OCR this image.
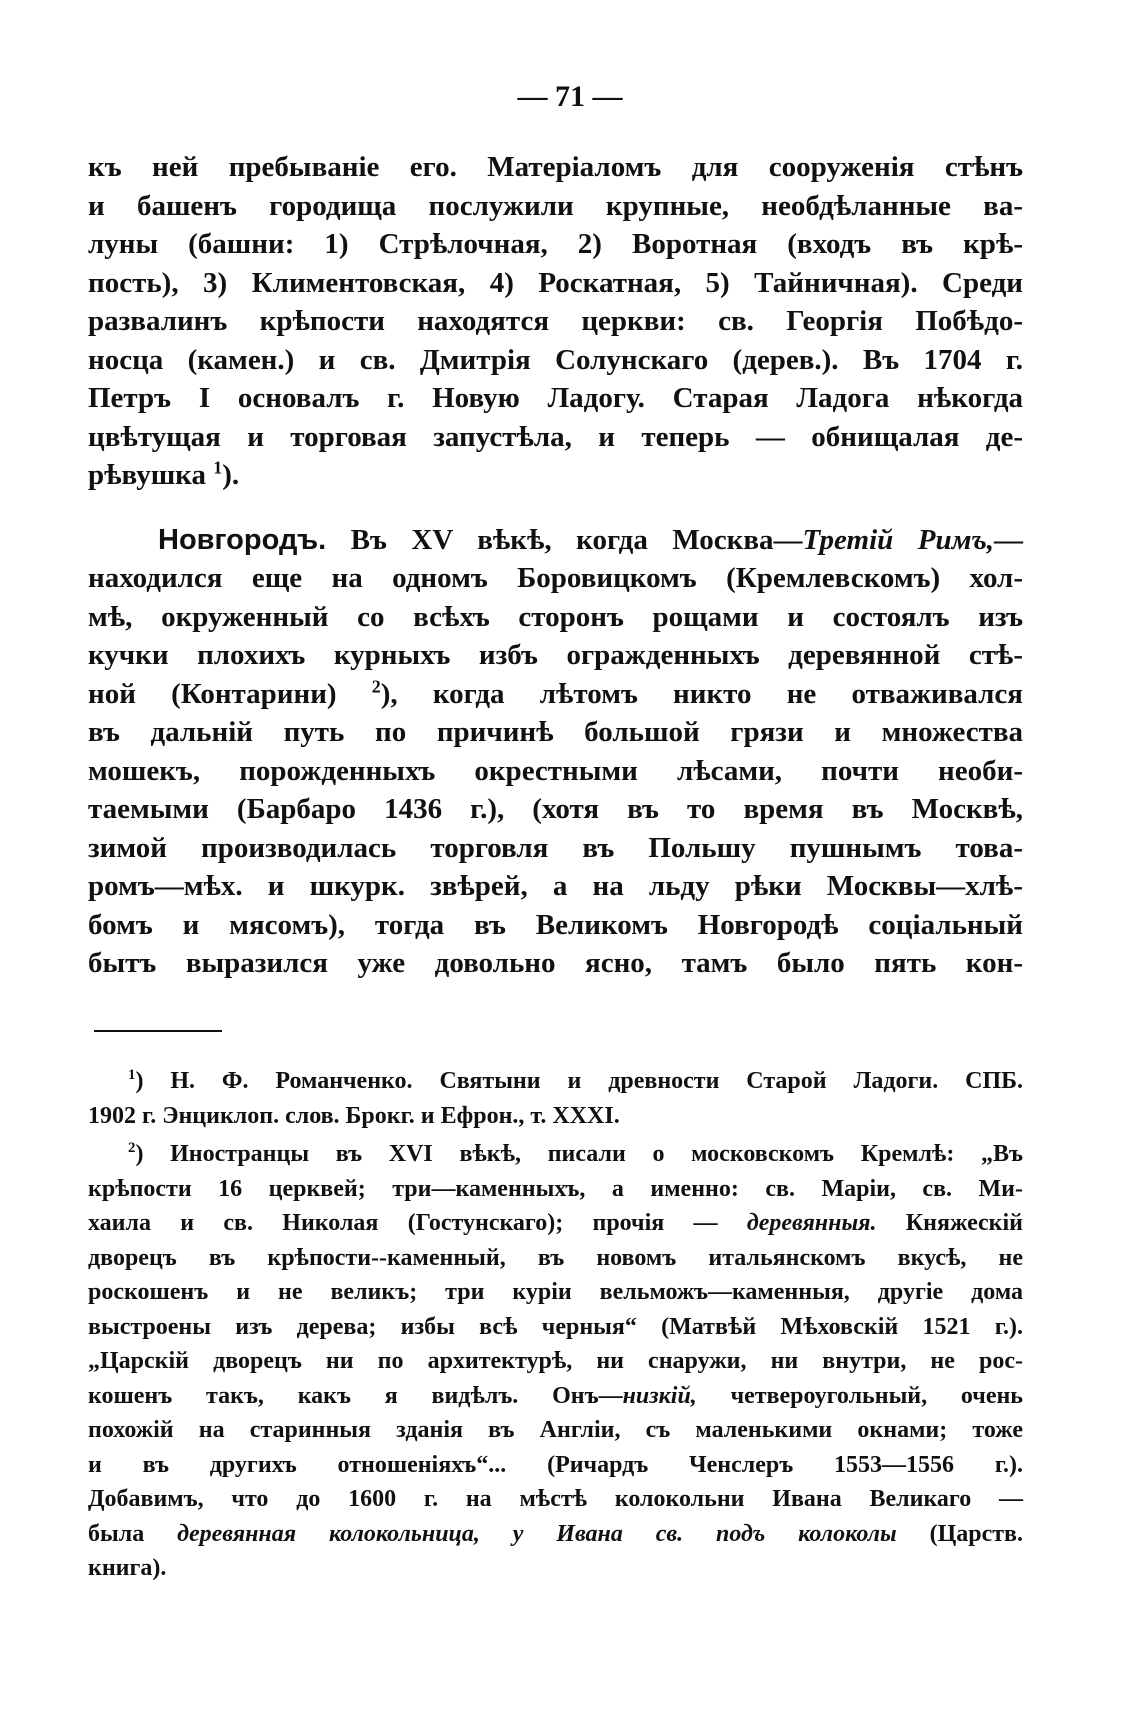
— 71 —
къ ней пребываніе его. Матеріаломъ для сооруженія стѣнъ
и башенъ городища послужили крупные, необдѣланные ва-
луны (башни: 1) Стрѣлочная, 2) Воротная (входъ въ крѣ-
пость), 3) Климентовская, 4) Роскатная, 5) Тайничная). Среди
развалинъ крѣпости находятся церкви: св. Георгія Побѣдо-
носца (камен.) и св. Дмитрія Солунскаго (дерев.). Въ 1704 г.
Петръ I основалъ г. Новую Ладогу. Старая Ладога нѣкогда
цвѣтущая и торговая запустѣла, и теперь — обнищалая де-
рѣвушка $^1$).
Новгородъ. Въ XV вѣкѣ, когда Москва—Третій Римъ,—
находился еще на одномъ Боровицкомъ (Кремлевскомъ) хол-
мѣ, окруженный со всѣхъ сторонъ рощами и состоялъ изъ
кучки плохихъ курныхъ избъ огражденныхъ деревянной стѣ-
ной (Контарини) $^2$), когда лѣтомъ никто не отваживался
въ дальній путь по причинѣ большой грязи и множества
мошекъ, порожденныхъ окрестными лѣсами, почти необи-
таемыми (Барбаро 1436 г.), (хотя въ то время въ Москвѣ,
зимой производилась торговля въ Польшу пушнымъ това-
ромъ—мѣх. и шкурк. звѣрей, а на льду рѣки Москвы—хлѣ-
бомъ и мясомъ), тогда въ Великомъ Новгородѣ соціальный
бытъ выразился уже довольно ясно, тамъ было пять кон-
$^1$) Н. Ф. Романченко. Святыни и древности Старой Ладоги. СПБ.
1902 г. Энциклоп. слов. Брокг. и Ефрон., т. XXXI.
$^2$) Иностранцы въ XVI вѣкѣ, писали о московскомъ Кремлѣ: „Въ
крѣпости 16 церквей; три—каменныхъ, а именно: св. Маріи, св. Ми-
хаила и св. Николая (Гостунскаго); прочія — деревянныя. Княжескій
дворецъ въ крѣпости--каменный, въ новомъ итальянскомъ вкусѣ, не
роскошенъ и не великъ; три куріи вельможъ—каменныя, другіе дома
выстроены изъ дерева; избы всѣ черныя“ (Матвѣй Мѣховскій 1521 г.).
„Царскій дворецъ ни по архитектурѣ, ни снаружи, ни внутри, не рос-
кошенъ такъ, какъ я видѣлъ. Онъ—низкій, четвероугольный, очень
похожій на старинныя зданія въ Англіи, съ маленькими окнами; тоже
и въ другихъ отношеніяхъ“... (Ричардъ Ченслеръ 1553—1556 г.).
Добавимъ, что до 1600 г. на мѣстѣ колокольни Ивана Великаго —
была деревянная колокольница, у Ивана св. подъ колоколы (Царств.
книга).
